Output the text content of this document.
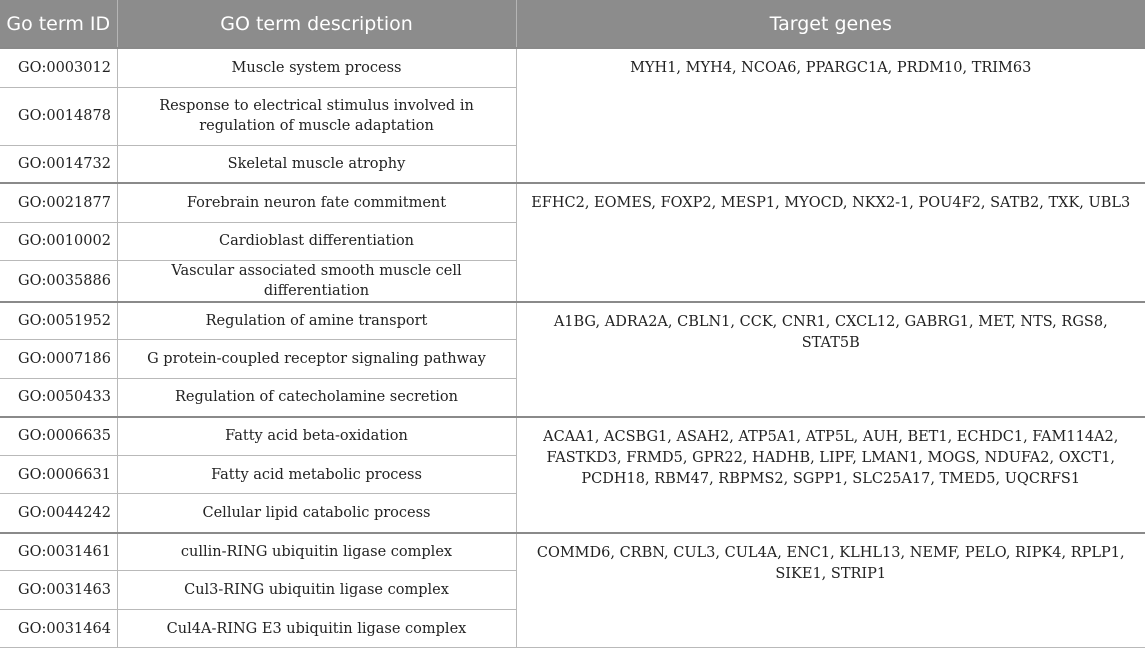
Go term ID	GO term description	Target genes
GO:0003012	Muscle system process	MYH1, MYH4, NCOA6, PPARGC1A, PRDM10, TRIM63
GO:0014878	Response to electrical stimulus involved in regulation of muscle adaptation	
GO:0014732	Skeletal muscle atrophy	
GO:0021877	Forebrain neuron fate commitment	EFHC2, EOMES, FOXP2, MESP1, MYOCD, NKX2-1, POU4F2, SATB2, TXK, UBL3
GO:0010002	Cardioblast differentiation	
GO:0035886	Vascular associated smooth muscle cell differentiation	
GO:0051952	Regulation of amine transport	A1BG, ADRA2A, CBLN1, CCK, CNR1, CXCL12, GABRG1, MET, NTS, RGS8, STAT5B
GO:0007186	G protein-coupled receptor signaling pathway	
GO:0050433	Regulation of catecholamine secretion	
GO:0006635	Fatty acid beta-oxidation	ACAA1, ACSBG1, ASAH2, ATP5A1, ATP5L, AUH, BET1, ECHDC1, FAM114A2, FASTKD3, FRMD5, GPR22, HADHB, LIPF, LMAN1, MOGS, NDUFA2, OXCT1, PCDH18, RBM47, RBPMS2, SGPP1, SLC25A17, TMED5, UQCRFS1
GO:0006631	Fatty acid metabolic process	
GO:0044242	Cellular lipid catabolic process	
GO:0031461	cullin-RING ubiquitin ligase complex	COMMD6, CRBN, CUL3, CUL4A, ENC1, KLHL13, NEMF, PELO, RIPK4, RPLP1, SIKE1, STRIP1
GO:0031463	Cul3-RING ubiquitin ligase complex	
GO:0031464	Cul4A-RING E3 ubiquitin ligase complex	
